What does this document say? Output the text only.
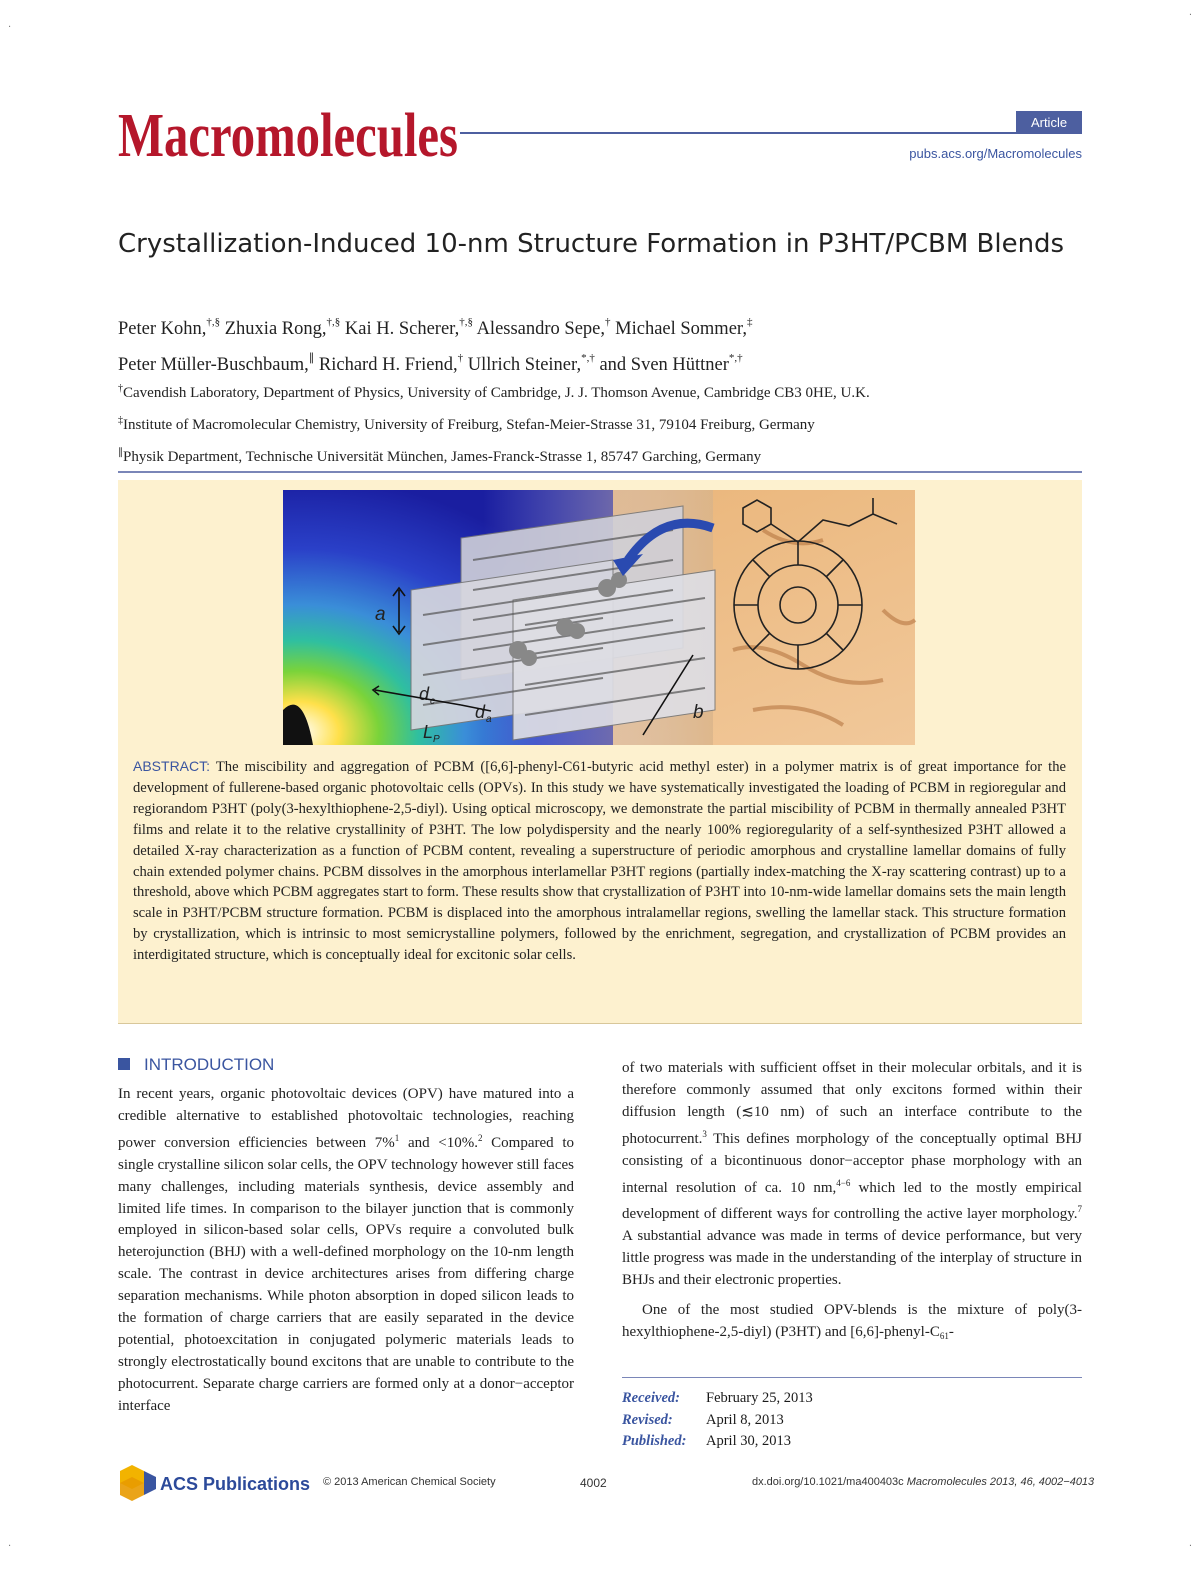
·
·
·	·
Macromolecules	Article
pubs.acs.org/Macromolecules
Crystallization-Induced 10-nm Structure Formation in P3HT/PCBM Blends
Peter Kohn,†,§ Zhuxia Rong,†,§ Kai H. Scherer,†,§ Alessandro Sepe,† Michael Sommer,‡
Peter Müller-Buschbaum,∥ Richard H. Friend,† Ullrich Steiner,*,† and Sven Hüttner*,†
†Cavendish Laboratory, Department of Physics, University of Cambridge, J. J. Thomson Avenue, Cambridge CB3 0HE, U.K.
‡Institute of Macromolecular Chemistry, University of Freiburg, Stefan-Meier-Strasse 31, 79104 Freiburg, Germany
∥Physik Department, Technische Universität München, James-Franck-Strasse 1, 85747 Garching, Germany
a
b
d c
d a
L P
ABSTRACT: The miscibility and aggregation of PCBM ([6,6]-phenyl-C61-butyric acid methyl ester) in a polymer matrix is of great importance for the development of fullerene-based organic photovoltaic cells (OPVs). In this study we have systematically investigated the loading of PCBM in regioregular and regiorandom P3HT (poly(3-hexylthiophene-2,5-diyl). Using optical microscopy, we demonstrate the partial miscibility of PCBM in thermally annealed P3HT films and relate it to the relative crystallinity of P3HT. The low polydispersity and the nearly 100% regioregularity of a self-synthesized P3HT allowed a detailed X-ray characterization as a function of PCBM content, revealing a superstructure of periodic amorphous and crystalline lamellar domains of fully chain extended polymer chains. PCBM dissolves in the amorphous interlamellar P3HT regions (partially index-matching the X-ray scattering contrast) up to a threshold, above which PCBM aggregates start to form. These results show that crystallization of P3HT into 10-nm-wide lamellar domains sets the main length scale in P3HT/PCBM structure formation. PCBM is displaced into the amorphous intralamellar regions, swelling the lamellar stack. This structure formation by crystallization, which is intrinsic to most semicrystalline polymers, followed by the enrichment, segregation, and crystallization of PCBM provides an interdigitated structure, which is conceptually ideal for excitonic solar cells.
INTRODUCTION
In recent years, organic photovoltaic devices (OPV) have matured into a credible alternative to established photovoltaic technologies, reaching power conversion efficiencies between 7%$^1$ and <10%.$^2$ Compared to single crystalline silicon solar cells, the OPV technology however still faces many challenges, including materials synthesis, device assembly and limited life times. In comparison to the bilayer junction that is commonly employed in silicon-based solar cells, OPVs require a convoluted bulk heterojunction (BHJ) with a well-defined morphology on the 10-nm length scale. The contrast in device architectures arises from differing charge separation mechanisms. While photon absorption in doped silicon leads to the formation of charge carriers that are easily separated in the device potential, photoexcitation in conjugated polymeric materials leads to strongly electrostatically bound excitons that are unable to contribute to the photocurrent. Separate charge carriers are formed only at a donor−acceptor interface
of two materials with sufficient offset in their molecular orbitals, and it is therefore commonly assumed that only excitons formed within their diffusion length (≲10 nm) of such an interface contribute to the photocurrent.$^3$ This defines morphology of the conceptually optimal BHJ consisting of a bicontinuous donor−acceptor phase morphology with an internal resolution of ca. 10 nm,$^{4-6}$ which led to the mostly empirical development of different ways for controlling the active layer morphology.$^7$ A substantial advance was made in terms of device performance, but very little progress was made in the understanding of the interplay of structure in BHJs and their electronic properties.
One of the most studied OPV-blends is the mixture of poly(3-hexylthiophene-2,5-diyl) (P3HT) and $[6,6]-phenyl-C_{61}-$
Received: February 25, 2013
Revised: April 8, 2013
Published: April 30, 2013
ACS Publications © 2013 American Chemical Society	4002	dx.doi.org/10.1021/ma400403c Macromolecules 2013, 46, 4002−4013
